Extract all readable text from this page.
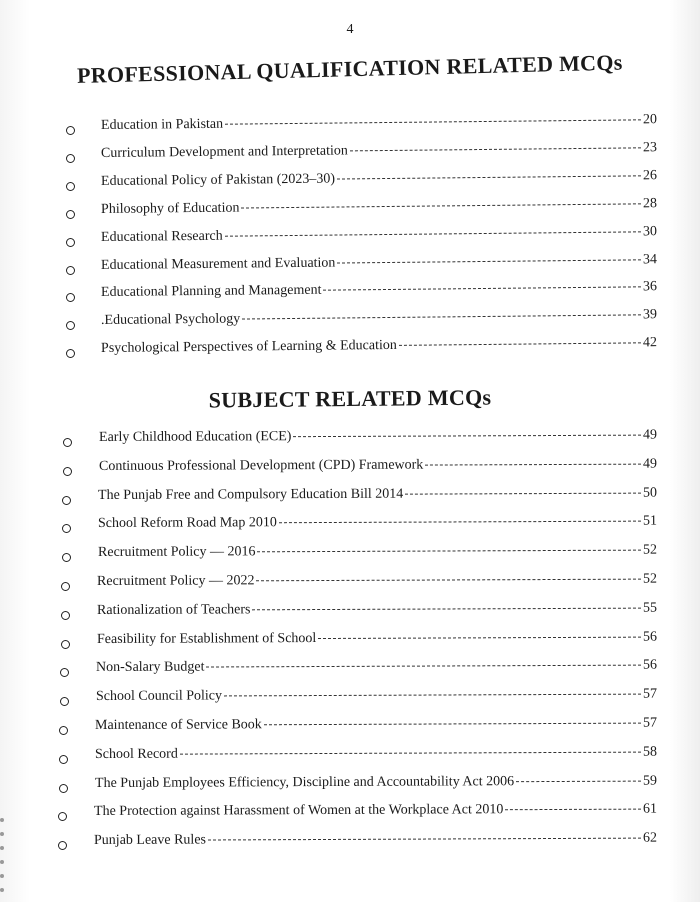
4
PROFESSIONAL QUALIFICATION RELATED MCQs
SUBJECT RELATED MCQs
Education in Pakistan	20
Curriculum Development and Interpretation	23
Educational Policy of Pakistan (2023–30)	26
Philosophy of Education	28
Educational Research	30
Educational Measurement and Evaluation	34
Educational Planning and Management	36
.Educational Psychology	39
Psychological Perspectives of Learning & Education	42
Early Childhood Education (ECE)	49
Continuous Professional Development (CPD) Framework	49
The Punjab Free and Compulsory Education Bill 2014	50
School Reform Road Map 2010	51
Recruitment Policy — 2016	52
Recruitment Policy — 2022	52
Rationalization of Teachers	55
Feasibility for Establishment of School	56
Non-Salary Budget	56
School Council Policy	57
Maintenance of Service Book	57
School Record	58
The Punjab Employees Efficiency, Discipline and Accountability Act 2006	59
The Protection against Harassment of Women at the Workplace Act 2010	61
Punjab Leave Rules	62
